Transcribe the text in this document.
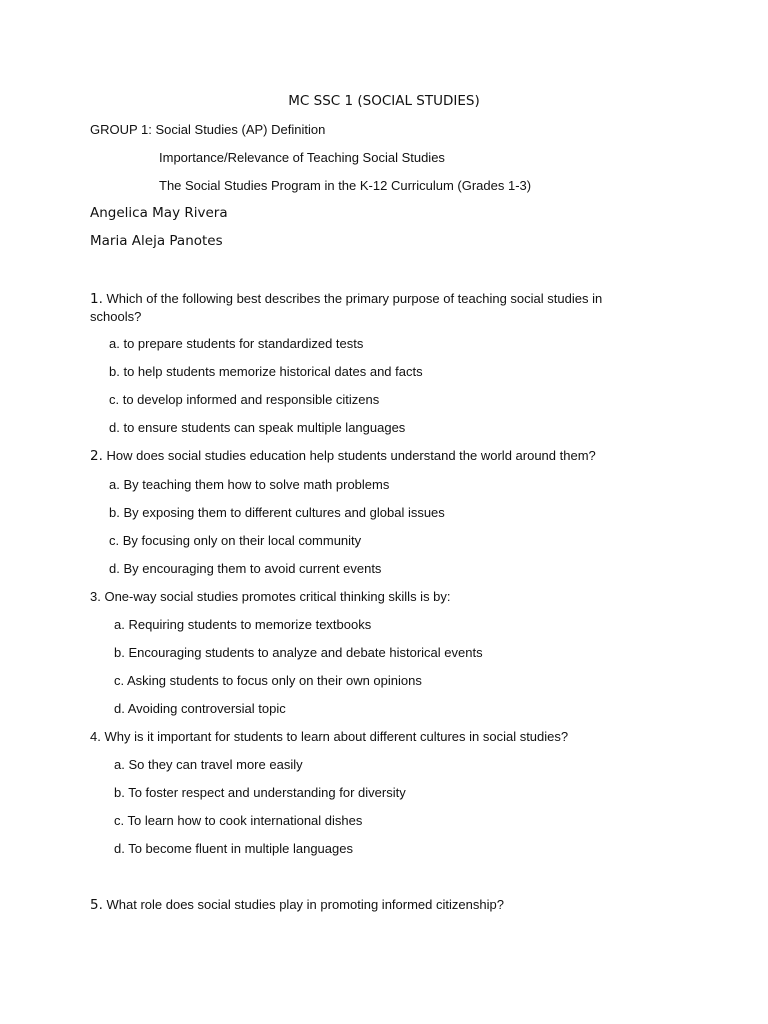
MC SSC 1 (SOCIAL STUDIES)
GROUP 1: Social Studies (AP) Definition
Importance/Relevance of Teaching Social Studies
The Social Studies Program in the K-12 Curriculum (Grades 1-3)
Angelica May Rivera
Maria Aleja Panotes
1. Which of the following best describes the primary purpose of teaching social studies in schools?
a. to prepare students for standardized tests
b. to help students memorize historical dates and facts
c. to develop informed and responsible citizens
d. to ensure students can speak multiple languages
2. How does social studies education help students understand the world around them?
a. By teaching them how to solve math problems
b. By exposing them to different cultures and global issues
c. By focusing only on their local community
d. By encouraging them to avoid current events
3. One-way social studies promotes critical thinking skills is by:
a. Requiring students to memorize textbooks
b. Encouraging students to analyze and debate historical events
c. Asking students to focus only on their own opinions
d. Avoiding controversial topic
4. Why is it important for students to learn about different cultures in social studies?
a. So they can travel more easily
b. To foster respect and understanding for diversity
c. To learn how to cook international dishes
d. To become fluent in multiple languages
5. What role does social studies play in promoting informed citizenship?
